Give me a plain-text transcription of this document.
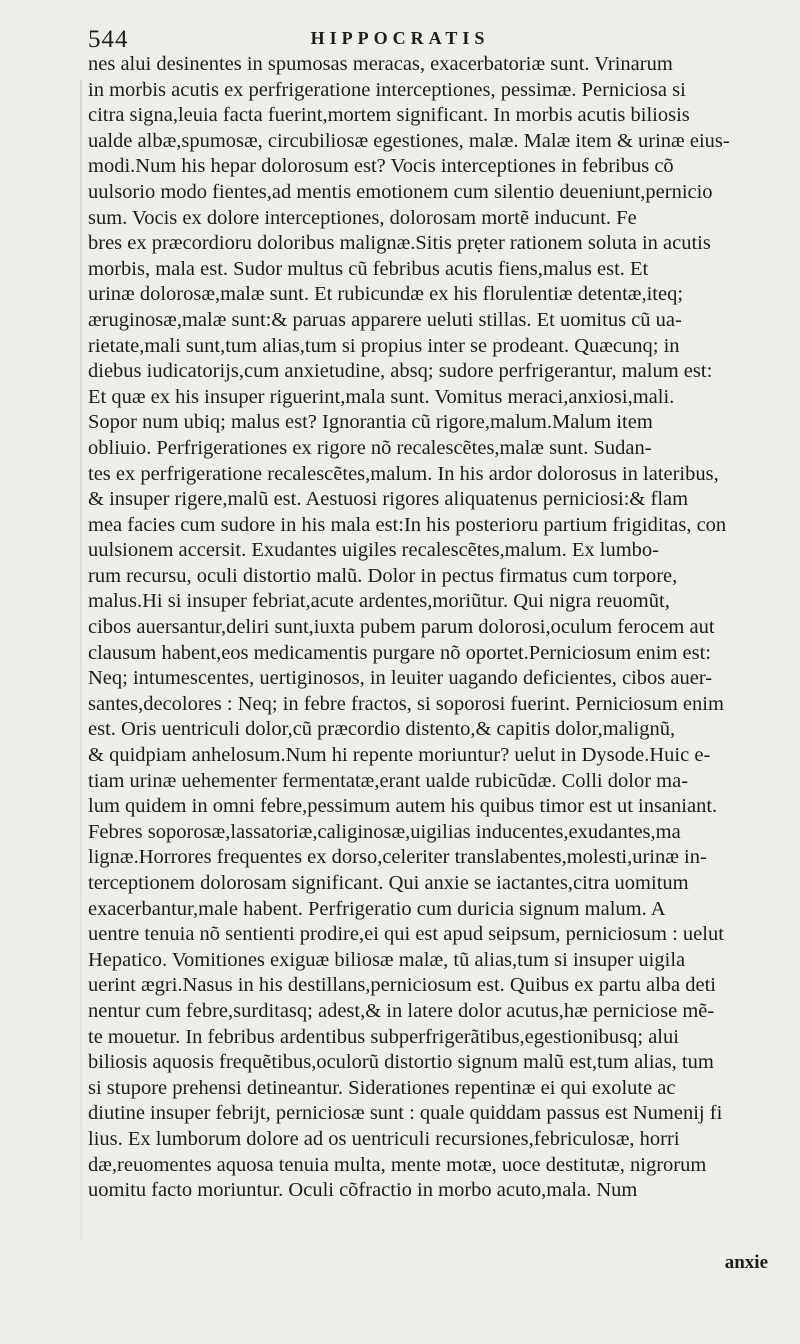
544	HIPPOCRATIS
nes alui desinentes in spumosas meracas, exacerbatoriæ sunt. Vrinarum
in morbis acutis ex perfrigeratione interceptiones, pessimæ. Perniciosa si
citra signa,leuia facta fuerint,mortem significant. In morbis acutis biliosis
ualde albæ,spumosæ, circubiliosæ egestiones, malæ. Malæ item & urinæ eius-
modi.Num his hepar dolorosum est? Vocis interceptiones in febribus cõ
uulsorio modo fientes,ad mentis emotionem cum silentio deueniunt,pernicio
sum. Vocis ex dolore interceptiones, dolorosam mortẽ inducunt. Fe
bres ex præcordioru doloribus malignæ.Sitis prẹter rationem soluta in acutis
morbis, mala est. Sudor multus cũ febribus acutis fiens,malus est. Et
urinæ dolorosæ,malæ sunt. Et rubicundæ ex his florulentiæ detentæ,iteq;
æruginosæ,malæ sunt:& paruas apparere ueluti stillas. Et uomitus cũ ua-
rietate,mali sunt,tum alias,tum si propius inter se prodeant. Quæcunq; in
diebus iudicatorijs,cum anxietudine, absq; sudore perfrigerantur, malum est:
Et quæ ex his insuper riguerint,mala sunt. Vomitus meraci,anxiosi,mali.
Sopor num ubiq; malus est? Ignorantia cũ rigore,malum.Malum item
obliuio. Perfrigerationes ex rigore nõ recalescẽtes,malæ sunt. Sudan-
tes ex perfrigeratione recalescẽtes,malum. In his ardor dolorosus in lateribus,
& insuper rigere,malũ est. Aestuosi rigores aliquatenus perniciosi:& flam
mea facies cum sudore in his mala est:In his posterioru partium frigiditas, con
uulsionem accersit. Exudantes uigiles recalescẽtes,malum. Ex lumbo-
rum recursu, oculi distortio malũ. Dolor in pectus firmatus cum torpore,
malus.Hi si insuper febriat,acute ardentes,moriũtur. Qui nigra reuomũt,
cibos auersantur,deliri sunt,iuxta pubem parum dolorosi,oculum ferocem aut
clausum habent,eos medicamentis purgare nõ oportet.Perniciosum enim est:
Neq; intumescentes, uertiginosos, in leuiter uagando deficientes, cibos auer-
santes,decolores : Neq; in febre fractos, si soporosi fuerint. Perniciosum enim
est. Oris uentriculi dolor,cũ præcordio distento,& capitis dolor,malignũ,
& quidpiam anhelosum.Num hi repente moriuntur? uelut in Dysode.Huic e-
tiam urinæ uehementer fermentatæ,erant ualde rubicũdæ. Colli dolor ma-
lum quidem in omni febre,pessimum autem his quibus timor est ut insaniant.
Febres soporosæ,lassatoriæ,caliginosæ,uigilias inducentes,exudantes,ma
lignæ.Horrores frequentes ex dorso,celeriter translabentes,molesti,urinæ in-
terceptionem dolorosam significant. Qui anxie se iactantes,citra uomitum
exacerbantur,male habent. Perfrigeratio cum duricia signum malum. A
uentre tenuia nõ sentienti prodire,ei qui est apud seipsum, perniciosum : uelut
Hepatico. Vomitiones exiguæ biliosæ malæ, tũ alias,tum si insuper uigila
uerint ægri.Nasus in his destillans,perniciosum est. Quibus ex partu alba deti
nentur cum febre,surditasq; adest,& in latere dolor acutus,hæ perniciose mẽ-
te mouetur. In febribus ardentibus subperfrigerãtibus,egestionibusq; alui
biliosis aquosis frequẽtibus,oculorũ distortio signum malũ est,tum alias, tum
si stupore prehensi detineantur. Siderationes repentinæ ei qui exolute ac
diutine insuper febrijt, perniciosæ sunt : quale quiddam passus est Numenij fi
lius. Ex lumborum dolore ad os uentriculi recursiones,febriculosæ, horri
dæ,reuomentes aquosa tenuia multa, mente motæ, uoce destitutæ, nigrorum
uomitu facto moriuntur. Oculi cõfractio in morbo acuto,mala. Num
anxie
